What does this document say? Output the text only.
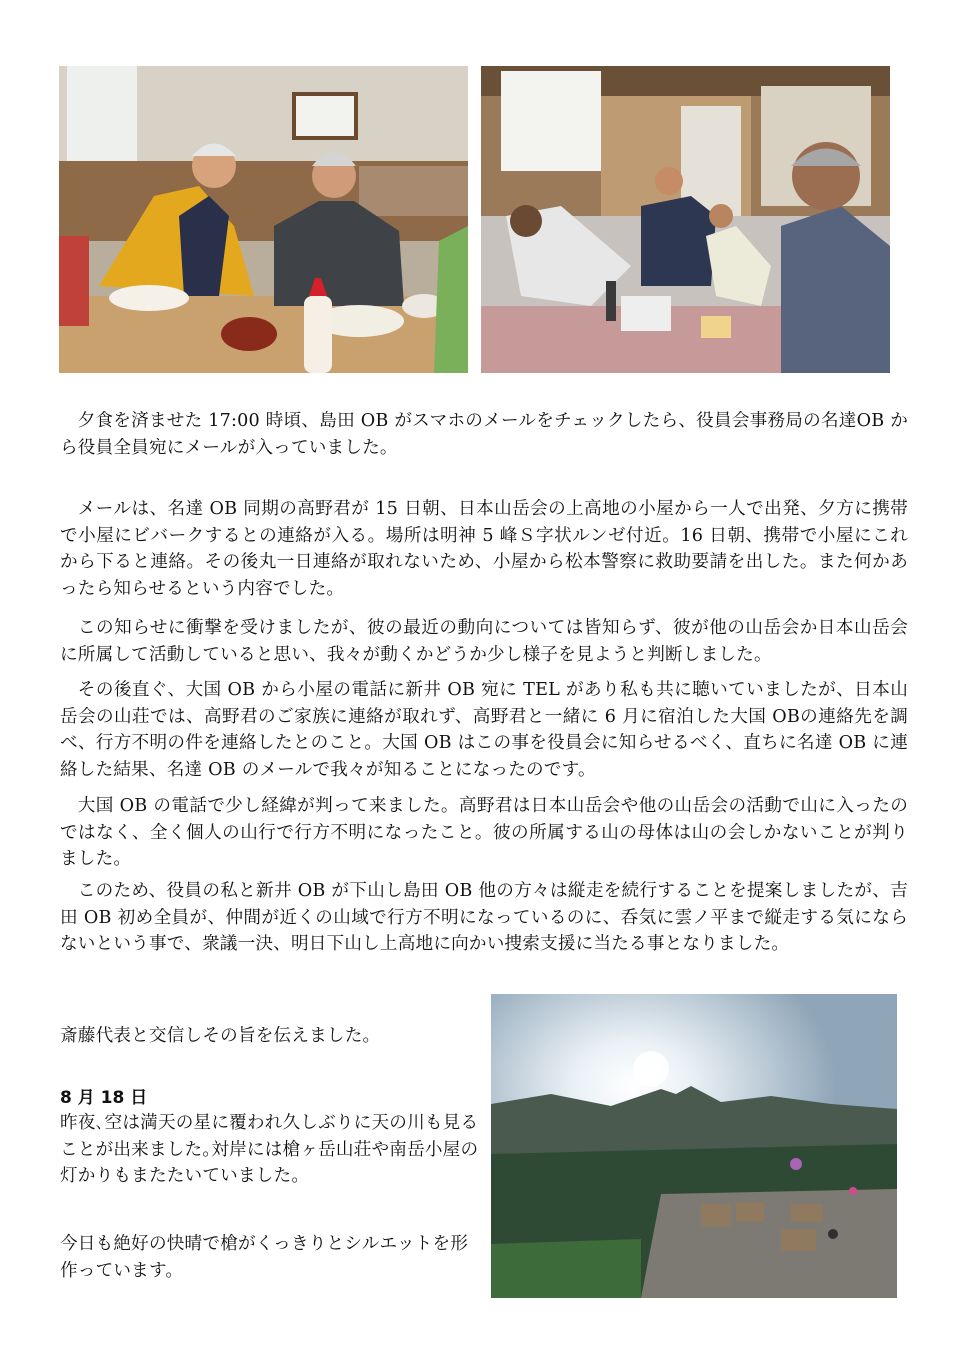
夕食を済ませた 17:00 時頃、島田 OB がスマホのメールをチェックしたら、役員会事務局の名達OB から役員全員宛にメールが入っていました。

メールは、名達 OB 同期の高野君が 15 日朝、日本山岳会の上高地の小屋から一人で出発、夕方に携帯で小屋にビバークするとの連絡が入る。場所は明神 5 峰Ｓ字状ルンゼ付近。16 日朝、携帯で小屋にこれから下ると連絡。その後丸一日連絡が取れないため、小屋から松本警察に救助要請を出した。また何かあったら知らせるという内容でした。

この知らせに衝撃を受けましたが、彼の最近の動向については皆知らず、彼が他の山岳会か日本山岳会に所属して活動していると思い、我々が動くかどうか少し様子を見ようと判断しました。

その後直ぐ、大国 OB から小屋の電話に新井 OB 宛に TEL があり私も共に聴いていましたが、日本山岳会の山荘では、高野君のご家族に連絡が取れず、高野君と一緒に 6 月に宿泊した大国 OBの連絡先を調べ、行方不明の件を連絡したとのこと。大国 OB はこの事を役員会に知らせるべく、直ちに名達 OB に連絡した結果、名達 OB のメールで我々が知ることになったのです。

大国 OB の電話で少し経緯が判って来ました。高野君は日本山岳会や他の山岳会の活動で山に入ったのではなく、全く個人の山行で行方不明になったこと。彼の所属する山の母体は山の会しかないことが判りました。

このため、役員の私と新井 OB が下山し島田 OB 他の方々は縦走を続行することを提案しましたが、吉田 OB 初め全員が、仲間が近くの山域で行方不明になっているのに、呑気に雲ノ平まで縦走する気にならないという事で、衆議一決、明日下山し上高地に向かい捜索支援に当たる事となりました。

斎藤代表と交信しその旨を伝えました。

8 月 18 日

昨夜､空は満天の星に覆われ久しぶりに天の川も見ることが出来ました｡対岸には槍ヶ岳山荘や南岳小屋の灯かりもまたたいていました。

今日も絶好の快晴で槍がくっきりとシルエットを形作っています。
